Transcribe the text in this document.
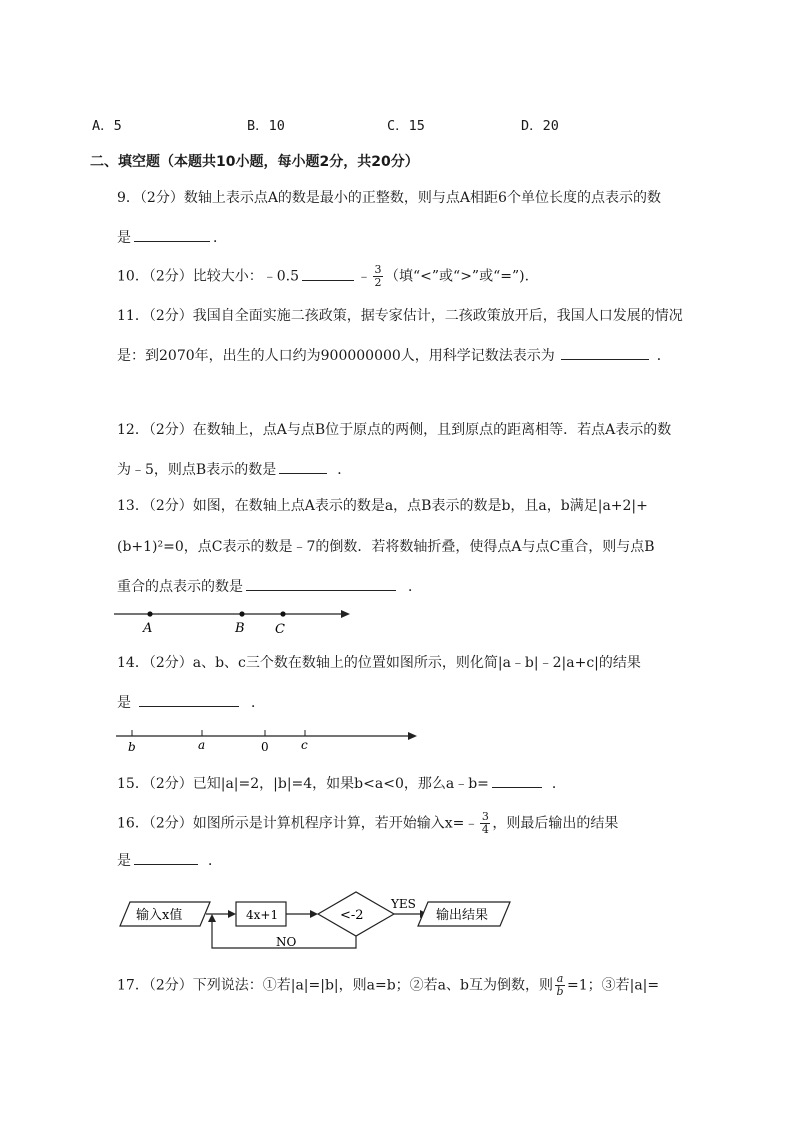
A．5	B．10	C．15	D．20
二、填空题（本题共10小题，每小题2分，共20分）
9．（2分）数轴上表示点A的数是最小的正整数，则与点A相距6个单位长度的点表示的数
是	．
10．（2分）比较大小：﹣0.5	﹣ $\frac{3}{2}$ （填“<”或“>”或“=”).
11．（2分）我国自全面实施二孩政策，据专家估计，二孩政策放开后，我国人口发展的情况
是：到2070年，出生的人口约为900000000人，用科学记数法表示为	．
12．（2分）在数轴上，点A与点B位于原点的两侧，且到原点的距离相等．若点A表示的数
为﹣5，则点B表示的数是	．
13．（2分）如图，在数轴上点A表示的数是a，点B表示的数是b，且a，b满足|a+2|+
(b+1)²=0，点C表示的数是﹣7的倒数．若将数轴折叠，使得点A与点C重合，则与点B
重合的点表示的数是	．
A	B C
14．（2分）a、b、c三个数在数轴上的位置如图所示，则化简|a﹣b|﹣2|a+c|的结果
是	．
b	a	0	c
15．（2分）已知|a|=2，|b|=4，如果b<a<0，那么a﹣b=	．
16．（2分）如图所示是计算机程序计算，若开始输入x=﹣ $\frac{3}{4}$ ，则最后输出的结果
是	．
输入x值	4x+1	<-2
YES
输出结果
NO
17．（2分）下列说法：①若|a|=|b|，则a=b；②若a、b互为倒数，则 $\frac{a}{b} =1$；③若|a|=
